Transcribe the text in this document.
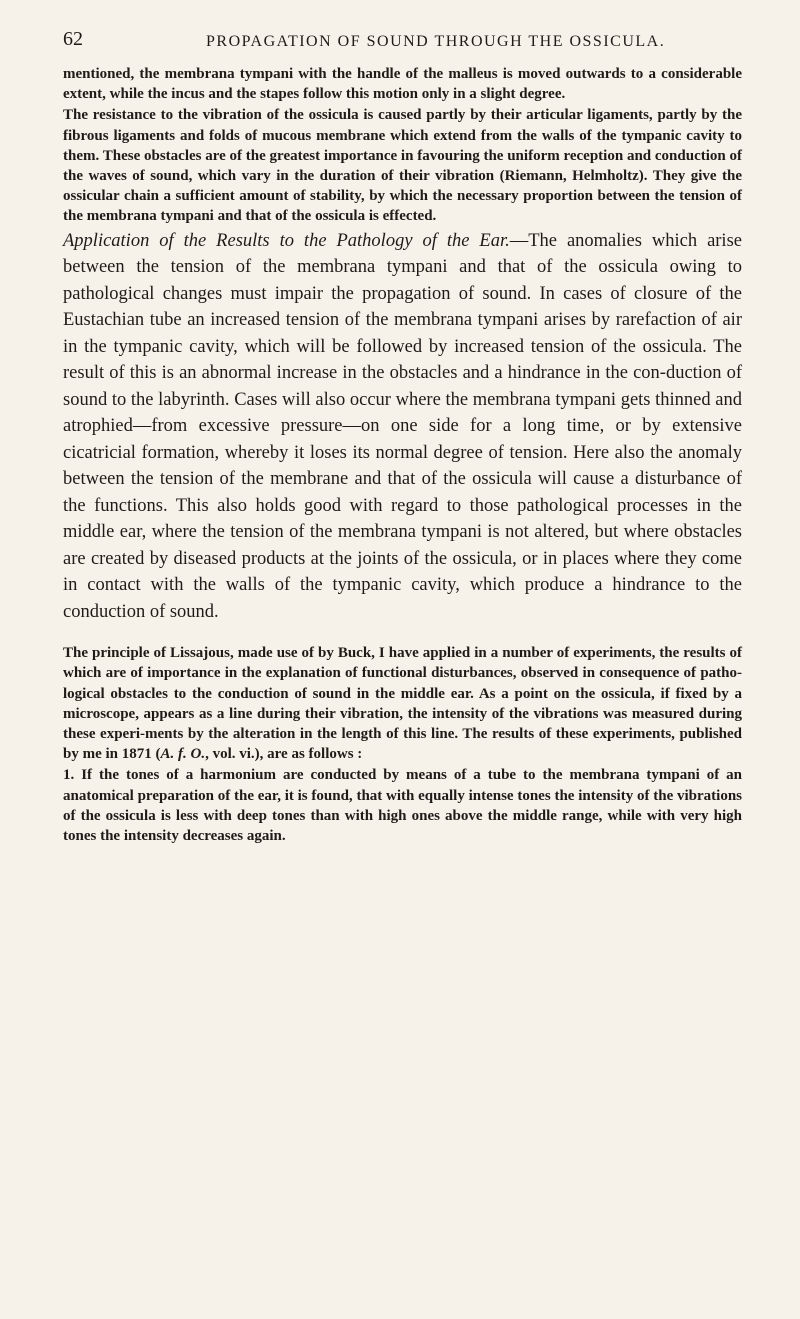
62	PROPAGATION OF SOUND THROUGH THE OSSICULA.

mentioned, the membrana tympani with the handle of the malleus is moved outwards to a considerable extent, while the incus and the stapes follow this motion only in a slight degree.

The resistance to the vibration of the ossicula is caused partly by their articular ligaments, partly by the fibrous ligaments and folds of mucous membrane which extend from the walls of the tympanic cavity to them. These obstacles are of the greatest importance in favouring the uniform reception and conduction of the waves of sound, which vary in the duration of their vibration (Riemann, Helmholtz). They give the ossicular chain a sufficient amount of stability, by which the necessary proportion between the tension of the membrana tympani and that of the ossicula is effected.

Application of the Results to the Pathology of the Ear.—The anomalies which arise between the tension of the membrana tympani and that of the ossicula owing to pathological changes must impair the propagation of sound. In cases of closure of the Eustachian tube an increased tension of the membrana tympani arises by rarefaction of air in the tympanic cavity, which will be followed by increased tension of the ossicula. The result of this is an abnormal increase in the obstacles and a hindrance in the con-duction of sound to the labyrinth. Cases will also occur where the membrana tympani gets thinned and atrophied—from excessive pressure—on one side for a long time, or by extensive cicatricial formation, whereby it loses its normal degree of tension. Here also the anomaly between the tension of the membrane and that of the ossicula will cause a disturbance of the functions. This also holds good with regard to those pathological processes in the middle ear, where the tension of the membrana tympani is not altered, but where obstacles are created by diseased products at the joints of the ossicula, or in places where they come in contact with the walls of the tympanic cavity, which produce a hindrance to the conduction of sound.

The principle of Lissajous, made use of by Buck, I have applied in a number of experiments, the results of which are of importance in the explanation of functional disturbances, observed in consequence of patho-logical obstacles to the conduction of sound in the middle ear. As a point on the ossicula, if fixed by a microscope, appears as a line during their vibration, the intensity of the vibrations was measured during these experi-ments by the alteration in the length of this line. The results of these experiments, published by me in 1871 (A. f. O., vol. vi.), are as follows :

1. If the tones of a harmonium are conducted by means of a tube to the membrana tympani of an anatomical preparation of the ear, it is found, that with equally intense tones the intensity of the vibrations of the ossicula is less with deep tones than with high ones above the middle range, while with very high tones the intensity decreases again.
